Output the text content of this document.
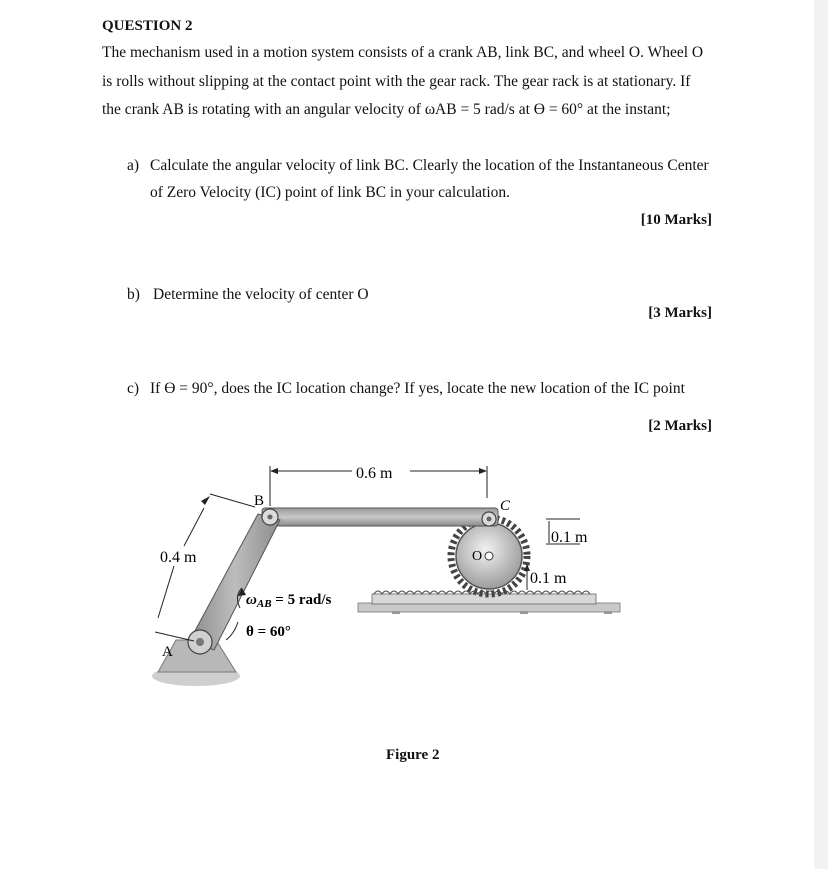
QUESTION 2
The mechanism used in a motion system consists of a crank AB, link BC, and wheel O. Wheel O
is rolls without slipping at the contact point with the gear rack. The gear rack is at stationary. If
the crank AB is rotating with an angular velocity of ωAB = 5 rad/s at ϴ = 60° at the instant;
a) Calculate the angular velocity of link BC. Clearly the location of the Instantaneous Center
of Zero Velocity (IC) point of link BC in your calculation.
[10 Marks]
b) Determine the velocity of center O
[3 Marks]
c) If ϴ = 90°, does the IC location change? If yes, locate the new location of the IC point
[2 Marks]
0.6 m
0.4 m
0.1 m
0.1 m
B	C
O
A
$\omega_{AB} = 5$ rad/s
θ = 60°
Figure 2
